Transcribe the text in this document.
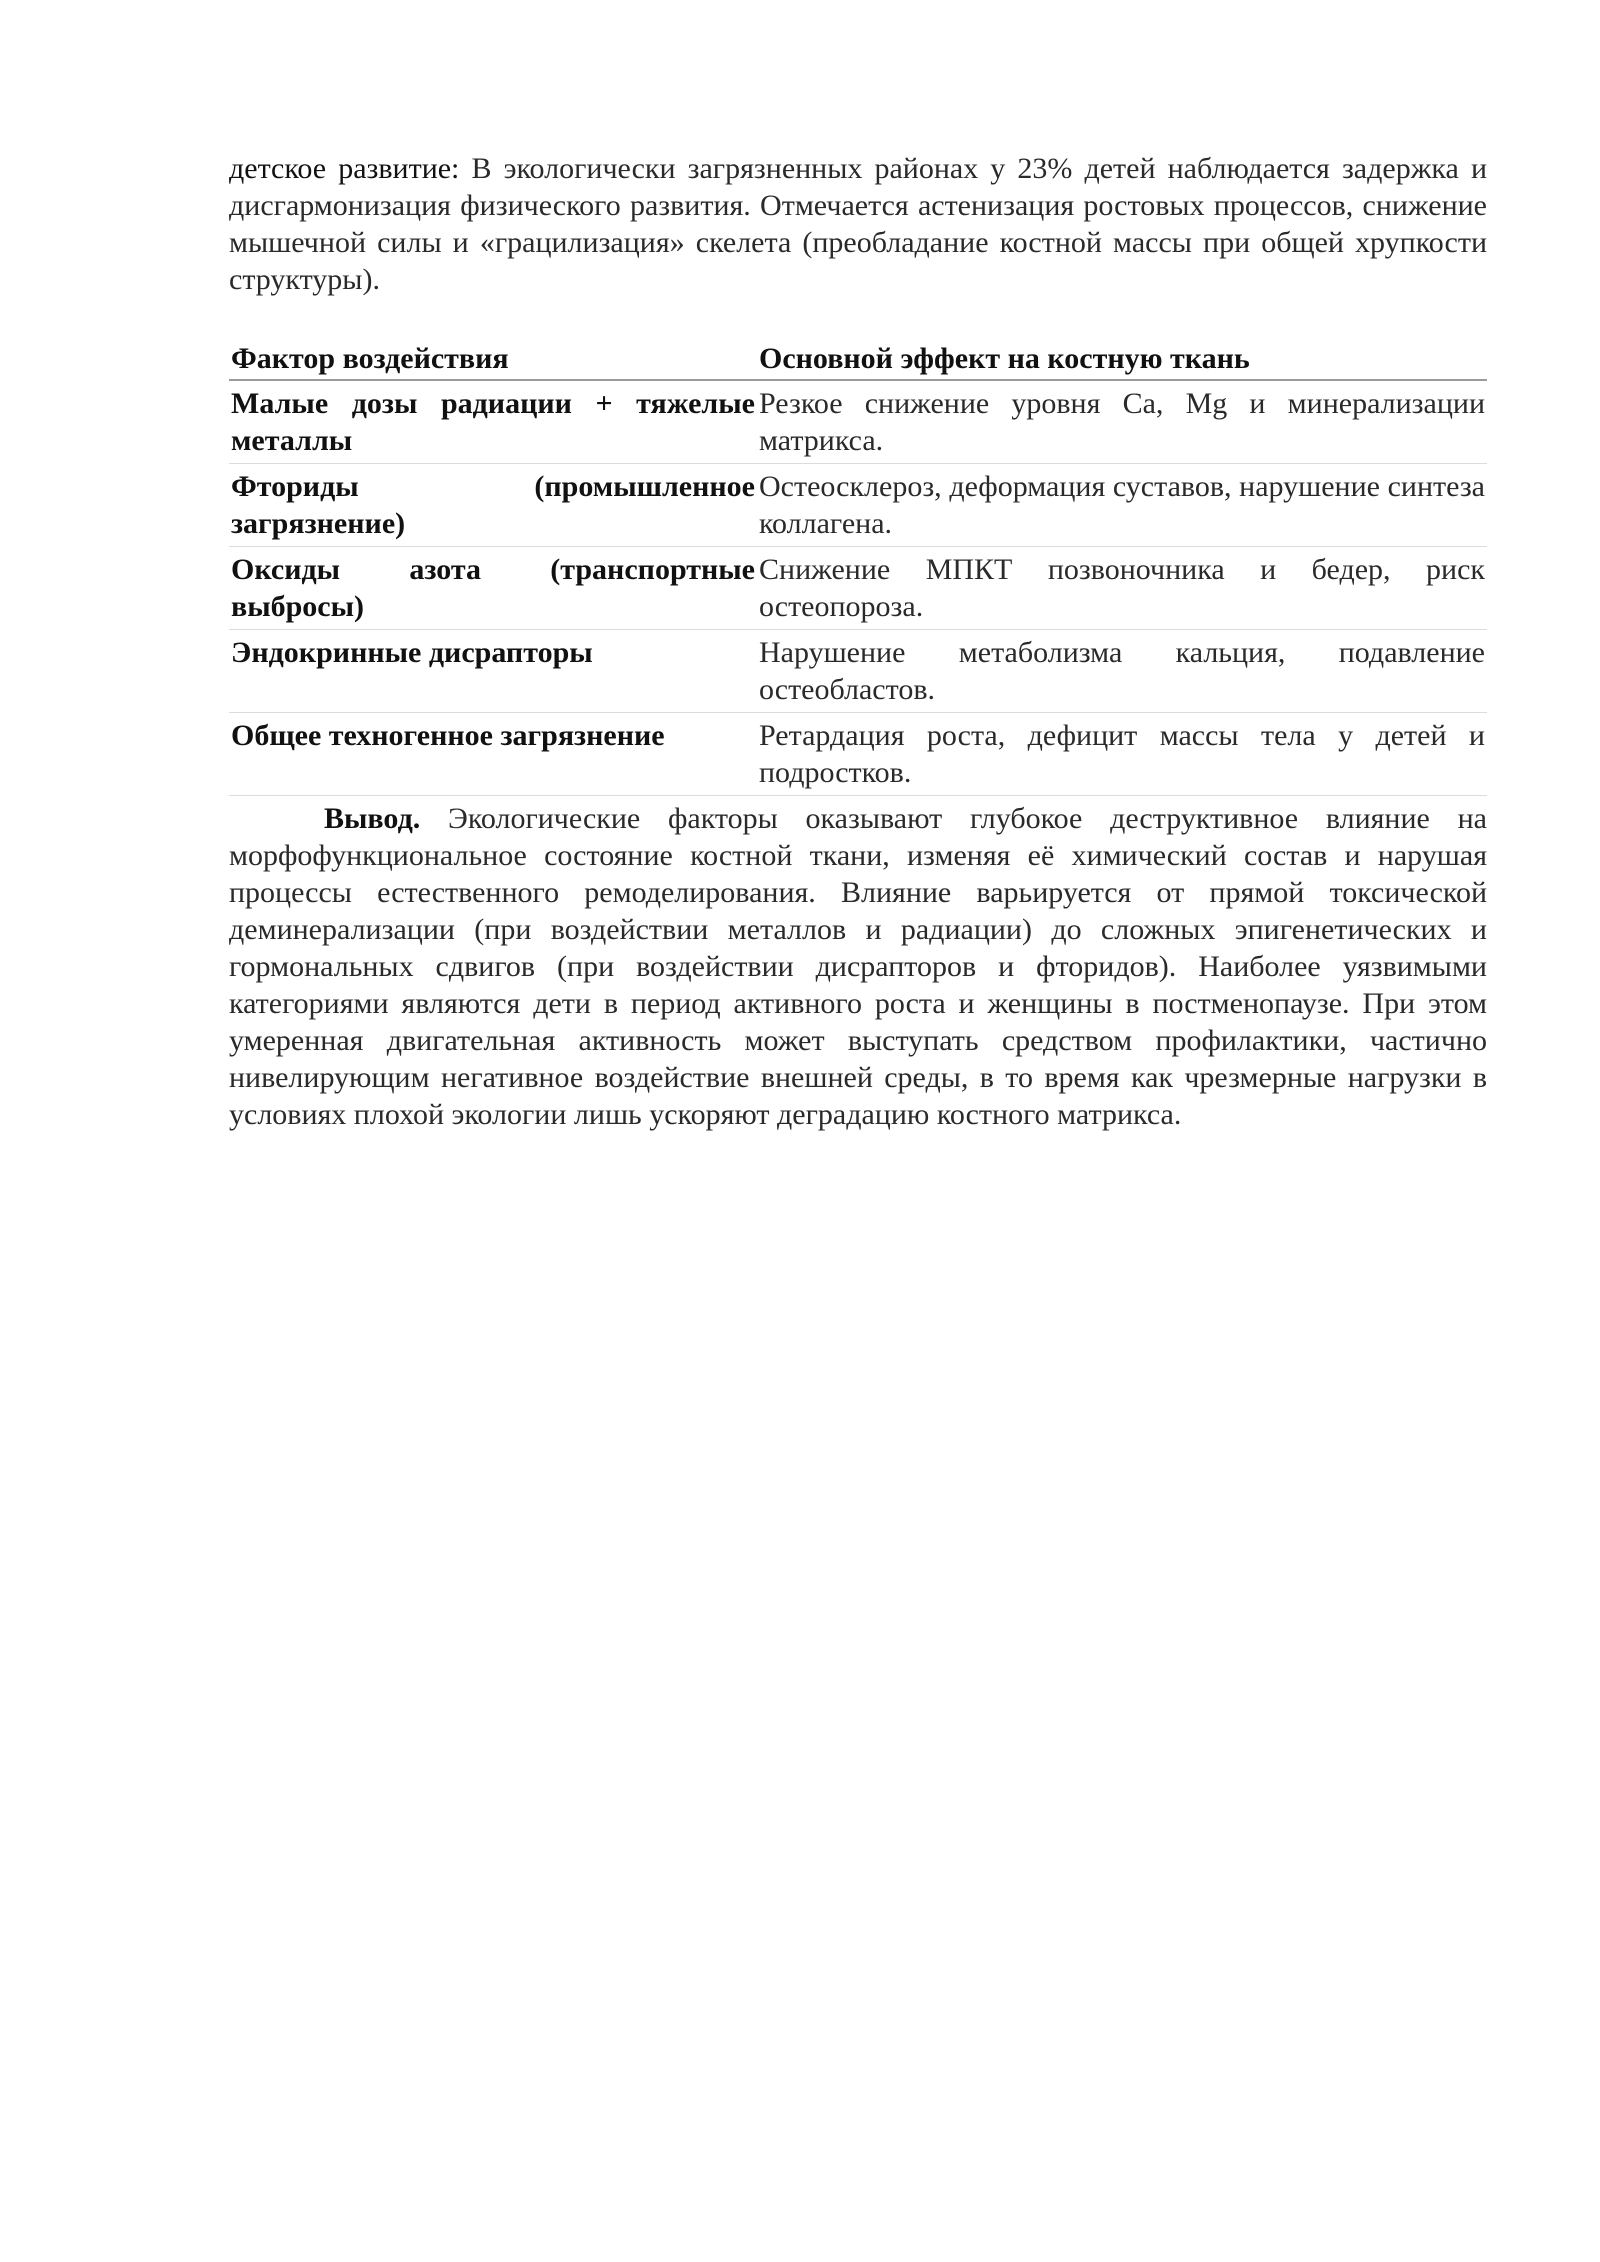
детское развитие: В экологически загрязненных районах у 23% детей наблюдается задержка и дисгармонизация физического развития. Отмечается астенизация ростовых процессов, снижение мышечной силы и «грацилизация» скелета (преобладание костной массы при общей хрупкости структуры).

Фактор воздействия	Основной эффект на костную ткань
Малые дозы радиации + тяжелые металлы	Резкое снижение уровня Ca, Mg и минерализации матрикса.
Фториды (промышленное загрязнение)	Остеосклероз, деформация суставов, нарушение синтеза коллагена.
Оксиды азота (транспортные выбросы)	Снижение МПКТ позвоночника и бедер, риск остеопороза.
Эндокринные дисрапторы	Нарушение метаболизма кальция, подавление остеобластов.
Общее техногенное загрязнение	Ретардация роста, дефицит массы тела у детей и подростков.

Вывод. Экологические факторы оказывают глубокое деструктивное влияние на морфофункциональное состояние костной ткани, изменяя её химический состав и нарушая процессы естественного ремоделирования. Влияние варьируется от прямой токсической деминерализации (при воздействии металлов и радиации) до сложных эпигенетических и гормональных сдвигов (при воздействии дисрапторов и фторидов). Наиболее уязвимыми категориями являются дети в период активного роста и женщины в постменопаузе. При этом умеренная двигательная активность может выступать средством профилактики, частично нивелирующим негативное воздействие внешней среды, в то время как чрезмерные нагрузки в условиях плохой экологии лишь ускоряют деградацию костного матрикса.
